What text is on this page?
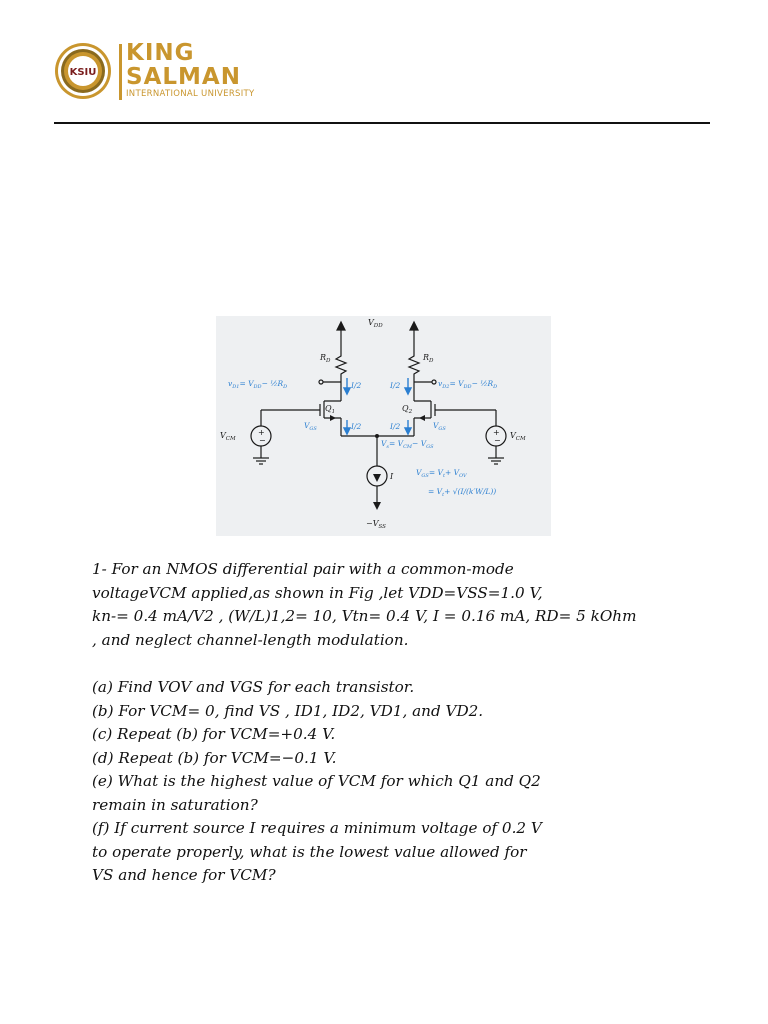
KSIU
KING
SALMAN
INTERNATIONAL UNIVERSITY
+
−
+
−
$V_{DD}$
$R_D$	$R_D$
$Q_1$	$Q_2$
$V_{CM}$	$V_{CM}$
I
$-V_{SS}$
$v_{D1}= V_{DD}-$ $\frac{1}{2}R_D$	$v_{D2}= V_{DD}-$ $\frac{1}{2}R_D$
I/2	I/2
I/2	I/2
$V_{GS}$	$V_{GS}$
$V_s= V_{CM}- V_{GS}$
$V_{GS}= V_t+ V_{OV}$
= $V_t+ √(I/(k'W/L))$

1- For an NMOS differential pair with a common-mode

voltageVCM applied,as shown in Fig ,let VDD=VSS=1.0 V,

kn-= 0.4 mA/V2 , (W/L)1,2= 10, Vtn= 0.4 V, I = 0.16 mA, RD= 5 kOhm

, and neglect channel-length modulation.

(a) Find VOV and VGS for each transistor.

(b) For VCM= 0, find VS , ID1, ID2, VD1, and VD2.

(c) Repeat (b) for VCM=+0.4 V.

(d) Repeat (b) for VCM=−0.1 V.

(e) What is the highest value of VCM for which Q1 and Q2

remain in saturation?

(f) If current source I requires a minimum voltage of 0.2 V

to operate properly, what is the lowest value allowed for

VS and hence for VCM?
